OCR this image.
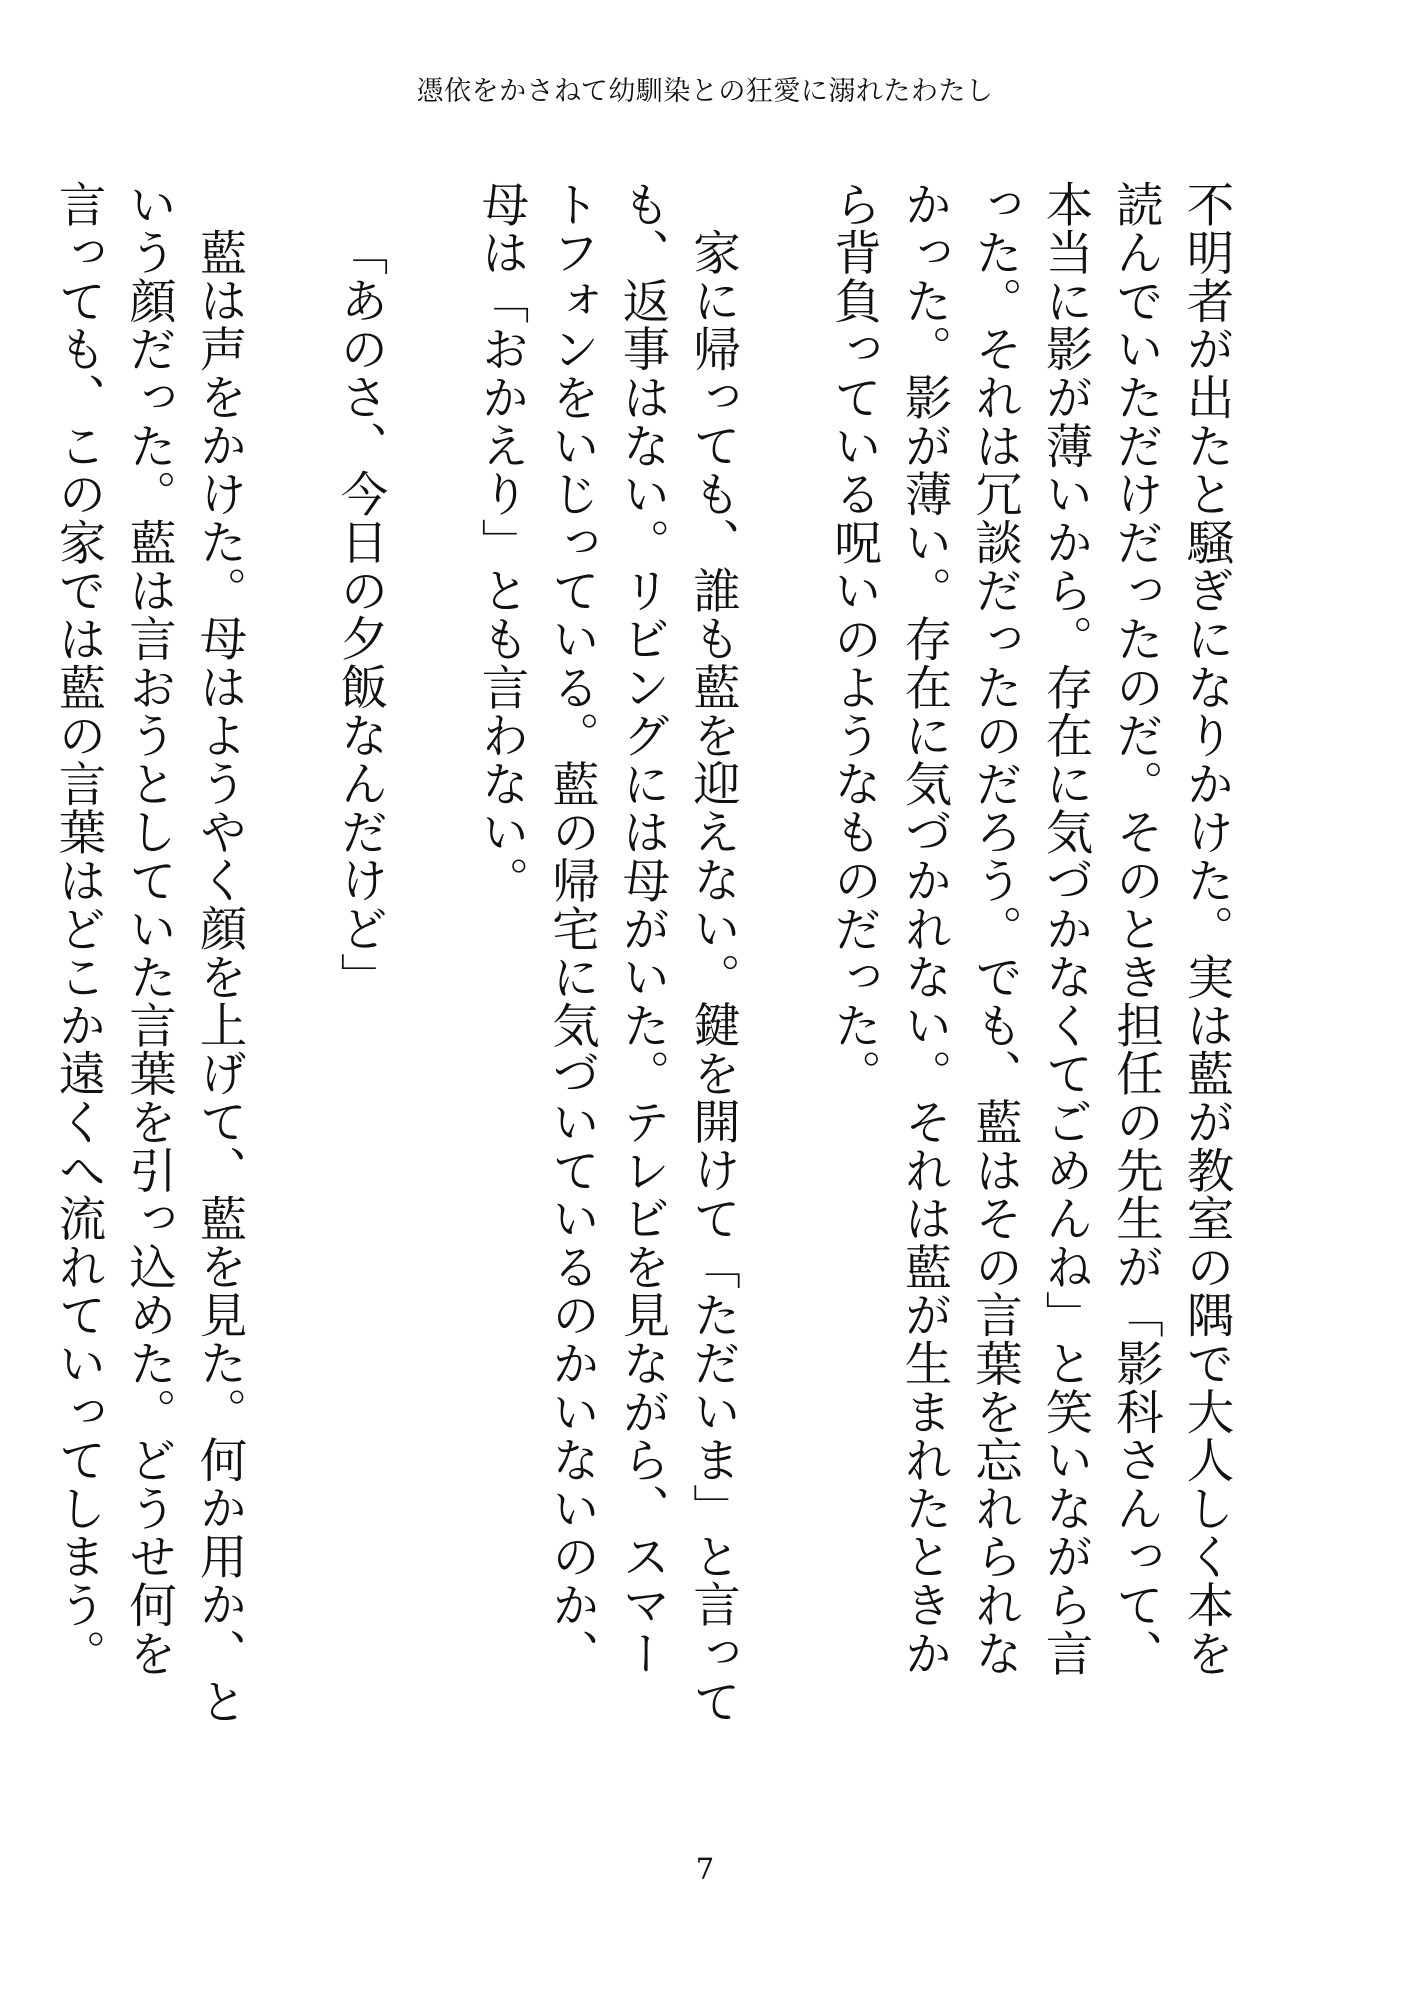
憑依をかさねて幼馴染との狂愛に溺れたわたし

不明者が出たと騒ぎになりかけた。実は藍が教室の隅で大人しく本を読んでいただけだったのだ。そのとき担任の先生が「影科さんって、本当に影が薄いから。存在に気づかなくてごめんね」と笑いながら言った。それは冗談だったのだろう。でも、藍はその言葉を忘れられなかった。影が薄い。存在に気づかれない。それは藍が生まれたときから背負っている呪いのようなものだった。

家に帰っても、誰も藍を迎えない。鍵を開けて「ただいま」と言っても、返事はない。リビングには母がいた。テレビを見ながら、スマートフォンをいじっている。藍の帰宅に気づいているのかいないのか、母は「おかえり」とも言わない。

「あのさ、今日の夕飯なんだけど」

藍は声をかけた。母はようやく顔を上げて、藍を見た。何か用か、という顔だった。藍は言おうとしていた言葉を引っ込めた。どうせ何を言っても、この家では藍の言葉はどこか遠くへ流れていってしまう。

7
